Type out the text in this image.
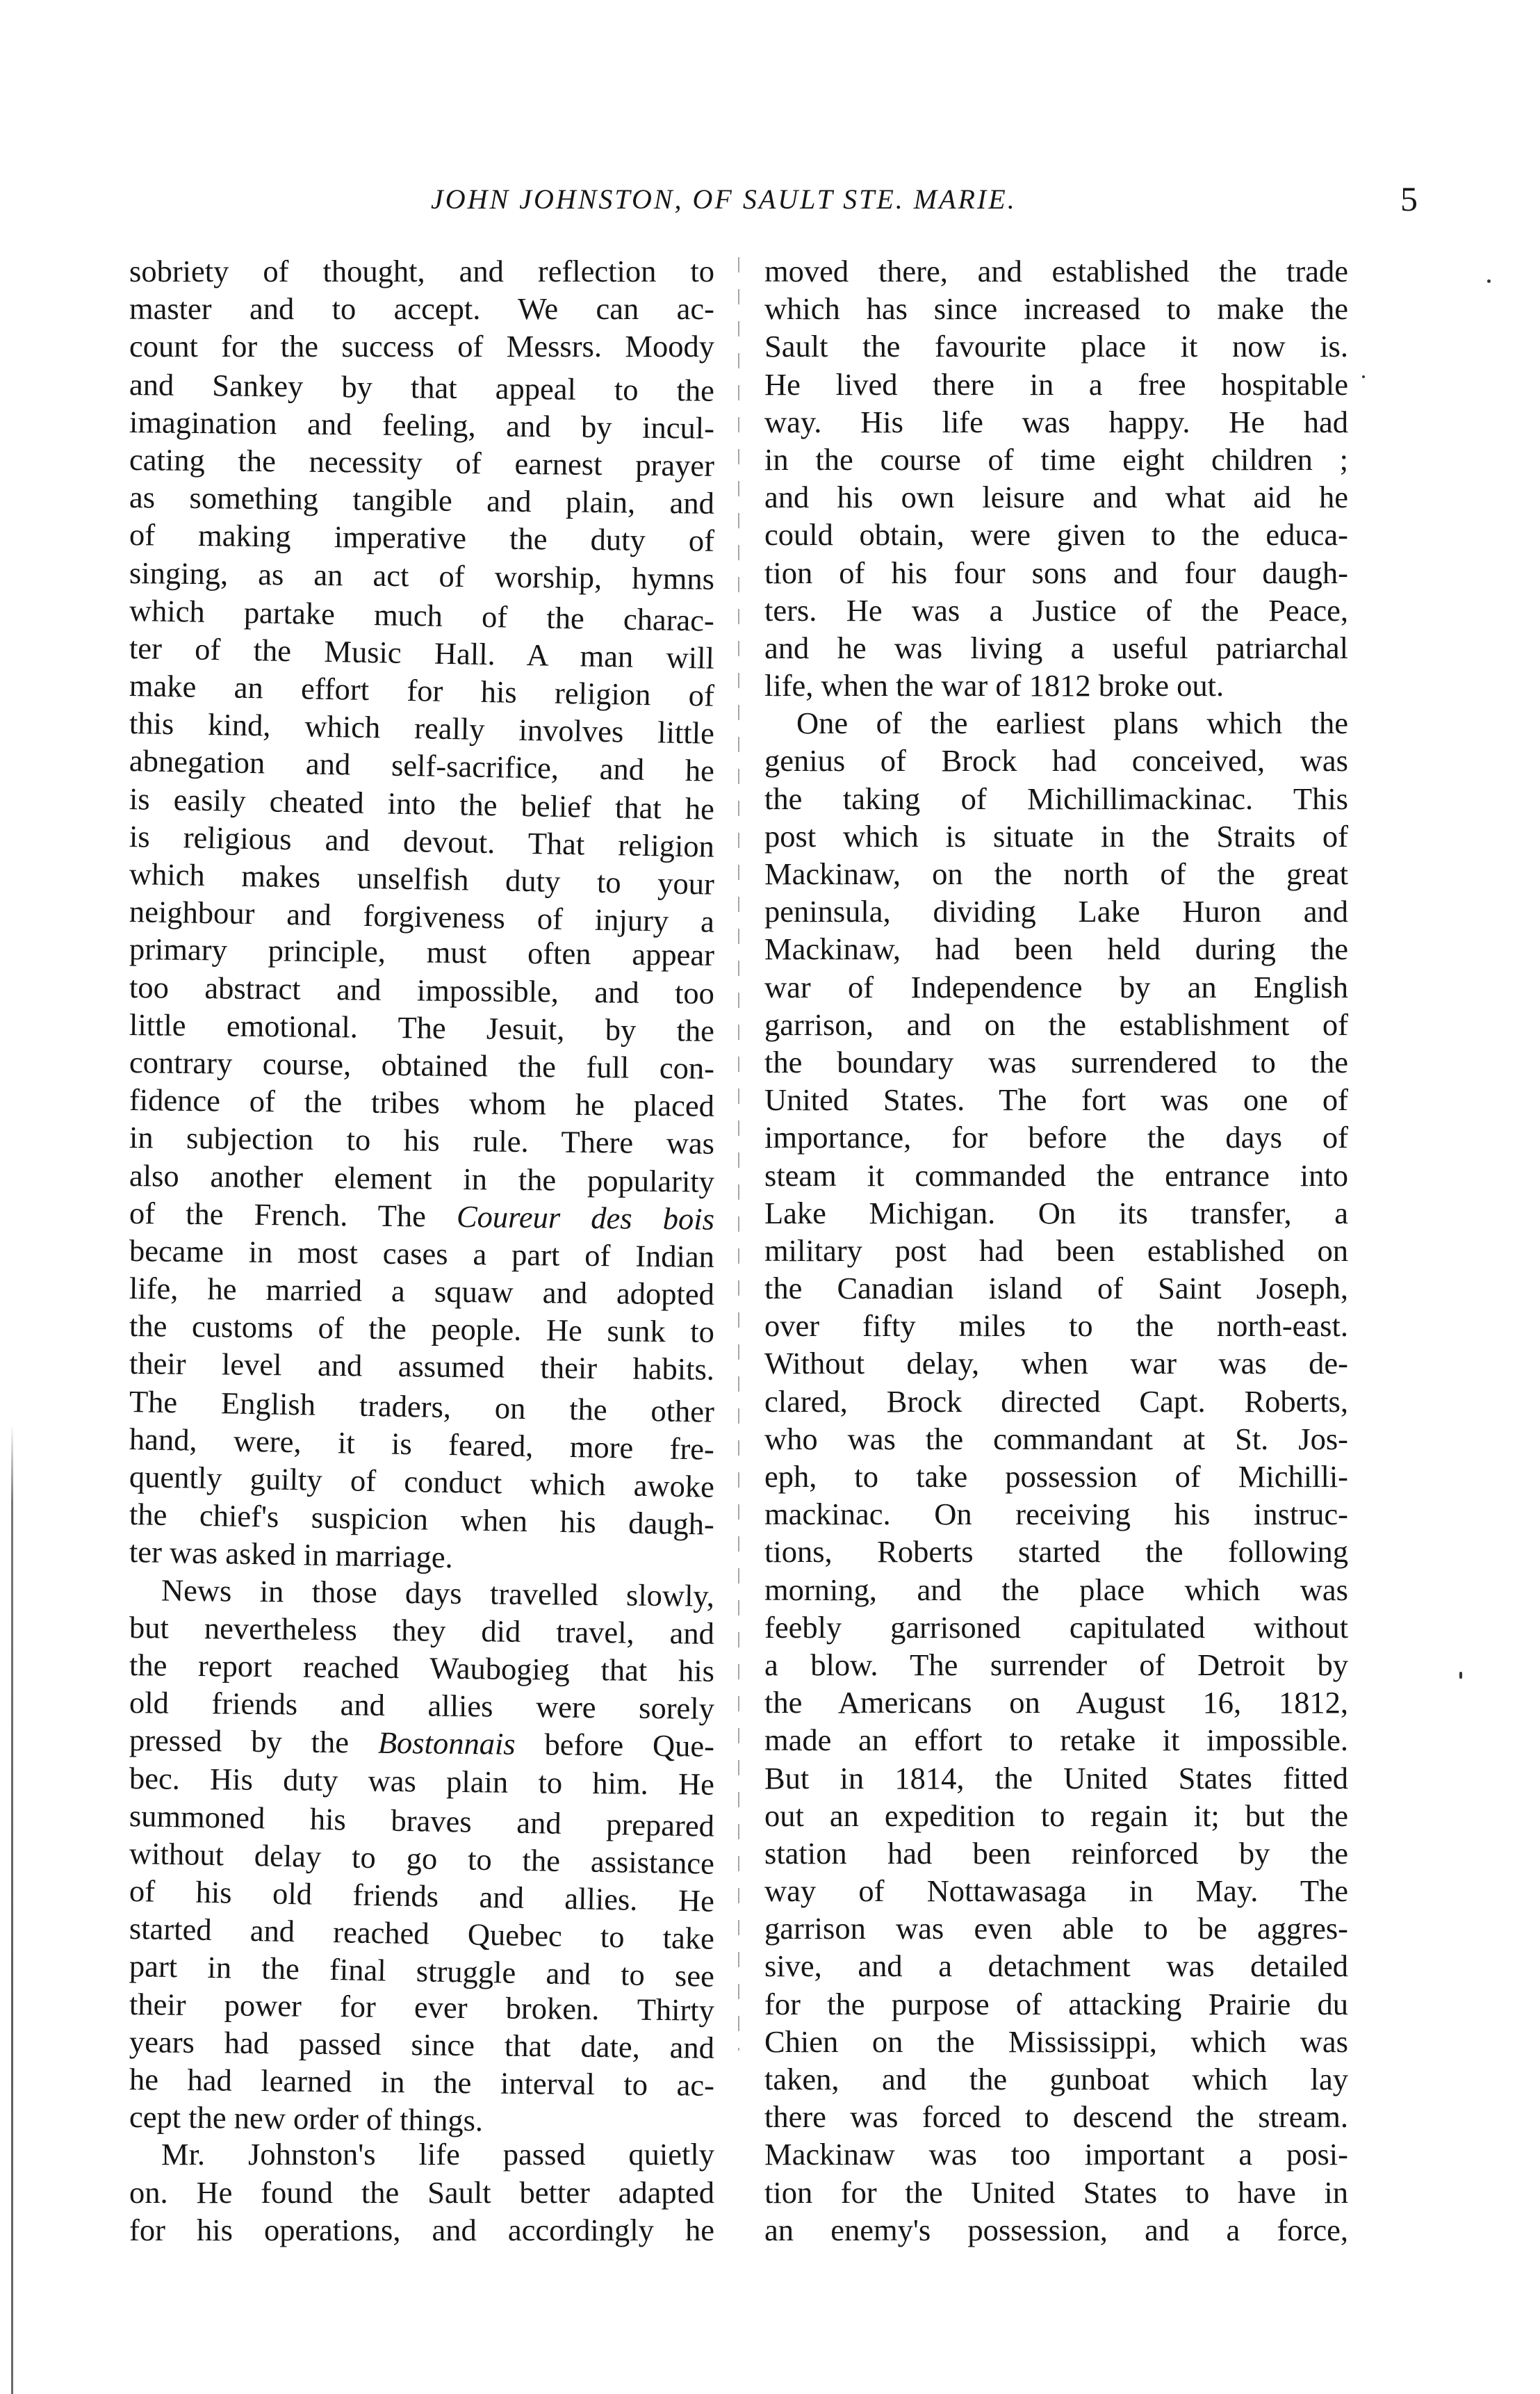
JOHN JOHNSTON, OF SAULT STE. MARIE.	5
sobriety of thought, and reflection to
master and to accept. We can ac-
count for the success of Messrs. Moody
and Sankey by that appeal to the
imagination and feeling, and by incul-
cating the necessity of earnest prayer
as something tangible and plain, and
of making imperative the duty of
singing, as an act of worship, hymns
which partake much of the charac-
ter of the Music Hall. A man will
make an effort for his religion of
this kind, which really involves little
abnegation and self-sacrifice, and he
is easily cheated into the belief that he
is religious and devout. That religion
which makes unselfish duty to your
neighbour and forgiveness of injury a
primary principle, must often appear
too abstract and impossible, and too
little emotional. The Jesuit, by the
contrary course, obtained the full con-
fidence of the tribes whom he placed
in subjection to his rule. There was
also another element in the popularity
of the French. The Coureur des bois
became in most cases a part of Indian
life, he married a squaw and adopted
the customs of the people. He sunk to
their level and assumed their habits.
The English traders, on the other
hand, were, it is feared, more fre-
quently guilty of conduct which awoke
the chief's suspicion when his daugh-
ter was asked in marriage.
News in those days travelled slowly,
but nevertheless they did travel, and
the report reached Waubogieg that his
old friends and allies were sorely
pressed by the Bostonnais before Que-
bec. His duty was plain to him. He
summoned his braves and prepared
without delay to go to the assistance
of his old friends and allies. He
started and reached Quebec to take
part in the final struggle and to see
their power for ever broken. Thirty
years had passed since that date, and
he had learned in the interval to ac-
cept the new order of things.
Mr. Johnston's life passed quietly
on. He found the Sault better adapted
for his operations, and accordingly he
moved there, and established the trade
which has since increased to make the
Sault the favourite place it now is.
He lived there in a free hospitable
way. His life was happy. He had
in the course of time eight children ;
and his own leisure and what aid he
could obtain, were given to the educa-
tion of his four sons and four daugh-
ters. He was a Justice of the Peace,
and he was living a useful patriarchal
life, when the war of 1812 broke out.
One of the earliest plans which the
genius of Brock had conceived, was
the taking of Michillimackinac. This
post which is situate in the Straits of
Mackinaw, on the north of the great
peninsula, dividing Lake Huron and
Mackinaw, had been held during the
war of Independence by an English
garrison, and on the establishment of
the boundary was surrendered to the
United States. The fort was one of
importance, for before the days of
steam it commanded the entrance into
Lake Michigan. On its transfer, a
military post had been established on
the Canadian island of Saint Joseph,
over fifty miles to the north-east.
Without delay, when war was de-
clared, Brock directed Capt. Roberts,
who was the commandant at St. Jos-
eph, to take possession of Michilli-
mackinac. On receiving his instruc-
tions, Roberts started the following
morning, and the place which was
feebly garrisoned capitulated without
a blow. The surrender of Detroit by
the Americans on August 16, 1812,
made an effort to retake it impossible.
But in 1814, the United States fitted
out an expedition to regain it; but the
station had been reinforced by the
way of Nottawasaga in May. The
garrison was even able to be aggres-
sive, and a detachment was detailed
for the purpose of attacking Prairie du
Chien on the Mississippi, which was
taken, and the gunboat which lay
there was forced to descend the stream.
Mackinaw was too important a posi-
tion for the United States to have in
an enemy's possession, and a force,
